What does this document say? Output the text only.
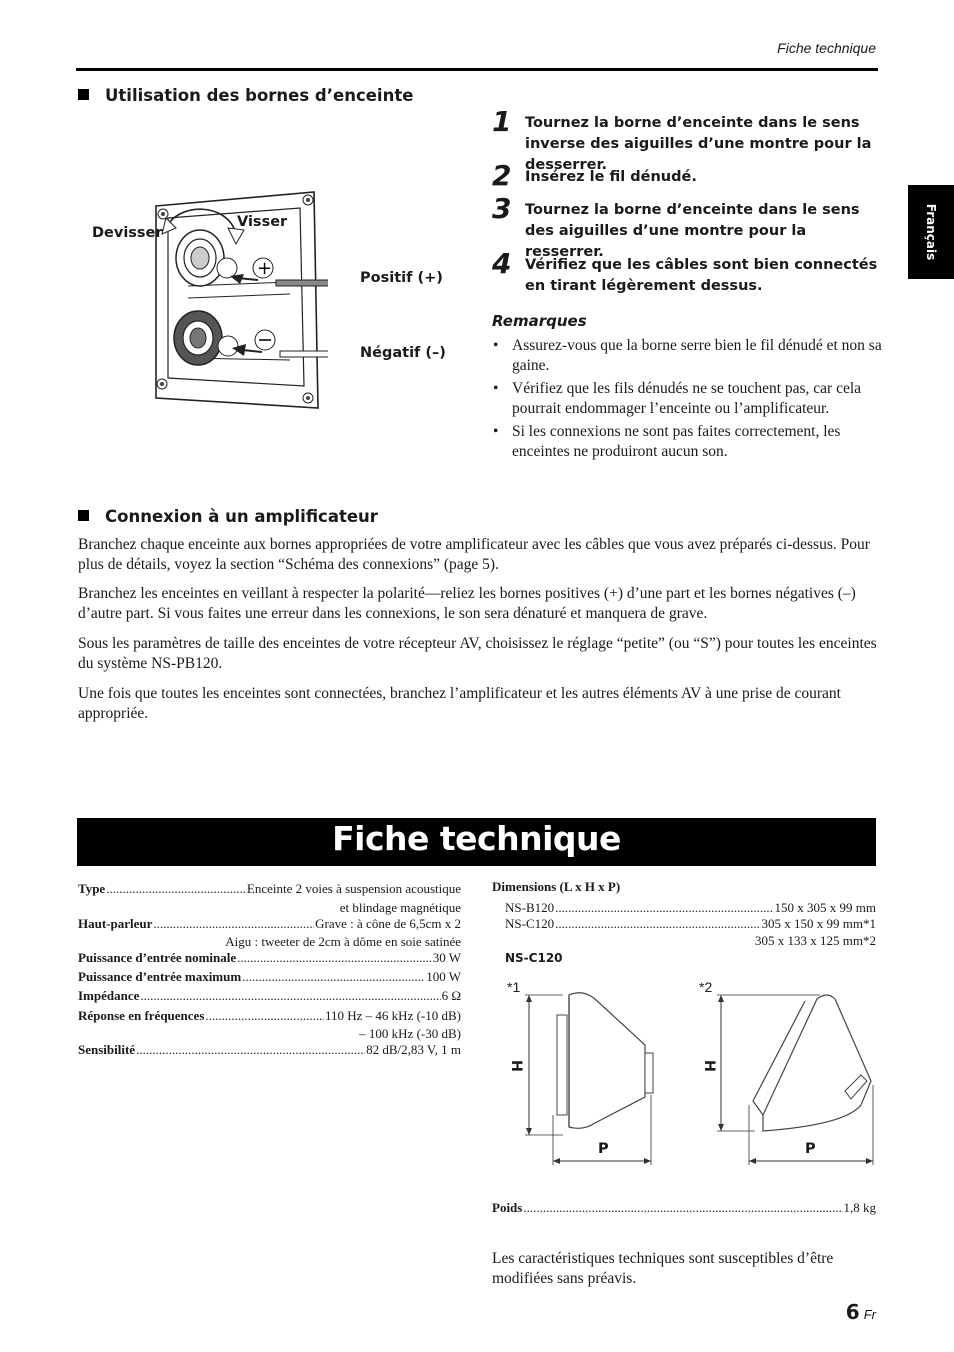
Fiche technique
Français
Utilisation des bornes d’enceinte
+
Devisser
Visser
Positif (+)
Négatif (–)
1 Tournez la borne d’enceinte dans le sens inverse des aiguilles d’une montre pour la desserrer.
2 Insérez le fil dénudé.
3 Tournez la borne d’enceinte dans le sens des aiguilles d’une montre pour la resserrer.
4 Vérifiez que les câbles sont bien connectés en tirant légèrement dessus.
Remarques
• Assurez-vous que la borne serre bien le fil dénudé et non sa gaine.
• Vérifiez que les fils dénudés ne se touchent pas, car cela pourrait endommager l’enceinte ou l’amplificateur.
• Si les connexions ne sont pas faites correctement, les enceintes ne produiront aucun son.
Connexion à un amplificateur

Branchez chaque enceinte aux bornes appropriées de votre amplificateur avec les câbles que vous avez préparés ci-dessus. Pour plus de détails, voyez la section “Schéma des connexions” (page 5).

Branchez les enceintes en veillant à respecter la polarité—reliez les bornes positives (+) d’une part et les bornes négatives (–) d’autre part. Si vous faites une erreur dans les connexions, le son sera dénaturé et manquera de grave.

Sous les paramètres de taille des enceintes de votre récepteur AV, choisissez le réglage “petite” (ou “S”) pour toutes les enceintes du système NS-PB120.

Une fois que toutes les enceintes sont connectées, branchez l’amplificateur et les autres éléments AV à une prise de courant appropriée.

Fiche technique
Type .....	Enceinte 2 voies à suspension acoustique
et blindage magnétique
Haut-parleur .....	Grave : à cône de 6,5cm x 2
Aigu : tweeter de 2cm à dôme en soie satinée
Puissance d’entrée nominale .....	30 W
Puissance d’entrée maximum .....	100 W
Impédance .....	6 Ω
Réponse en fréquences .....	110 Hz – 46 kHz (-10 dB)
– 100 kHz (-30 dB)
Sensibilité .....	82 dB/2,83 V, 1 m
Dimensions (L x H x P)
NS-B120 .....	150 x 305 x 99 mm
NS-C120 .....	305 x 150 x 99 mm*1
305 x 133 x 125 mm*2
NS-C120
*1	*2
H	H
P	P
Poids .....	1,8 kg

Les caractéristiques techniques sont susceptibles d’être modifiées sans préavis.

6 Fr
